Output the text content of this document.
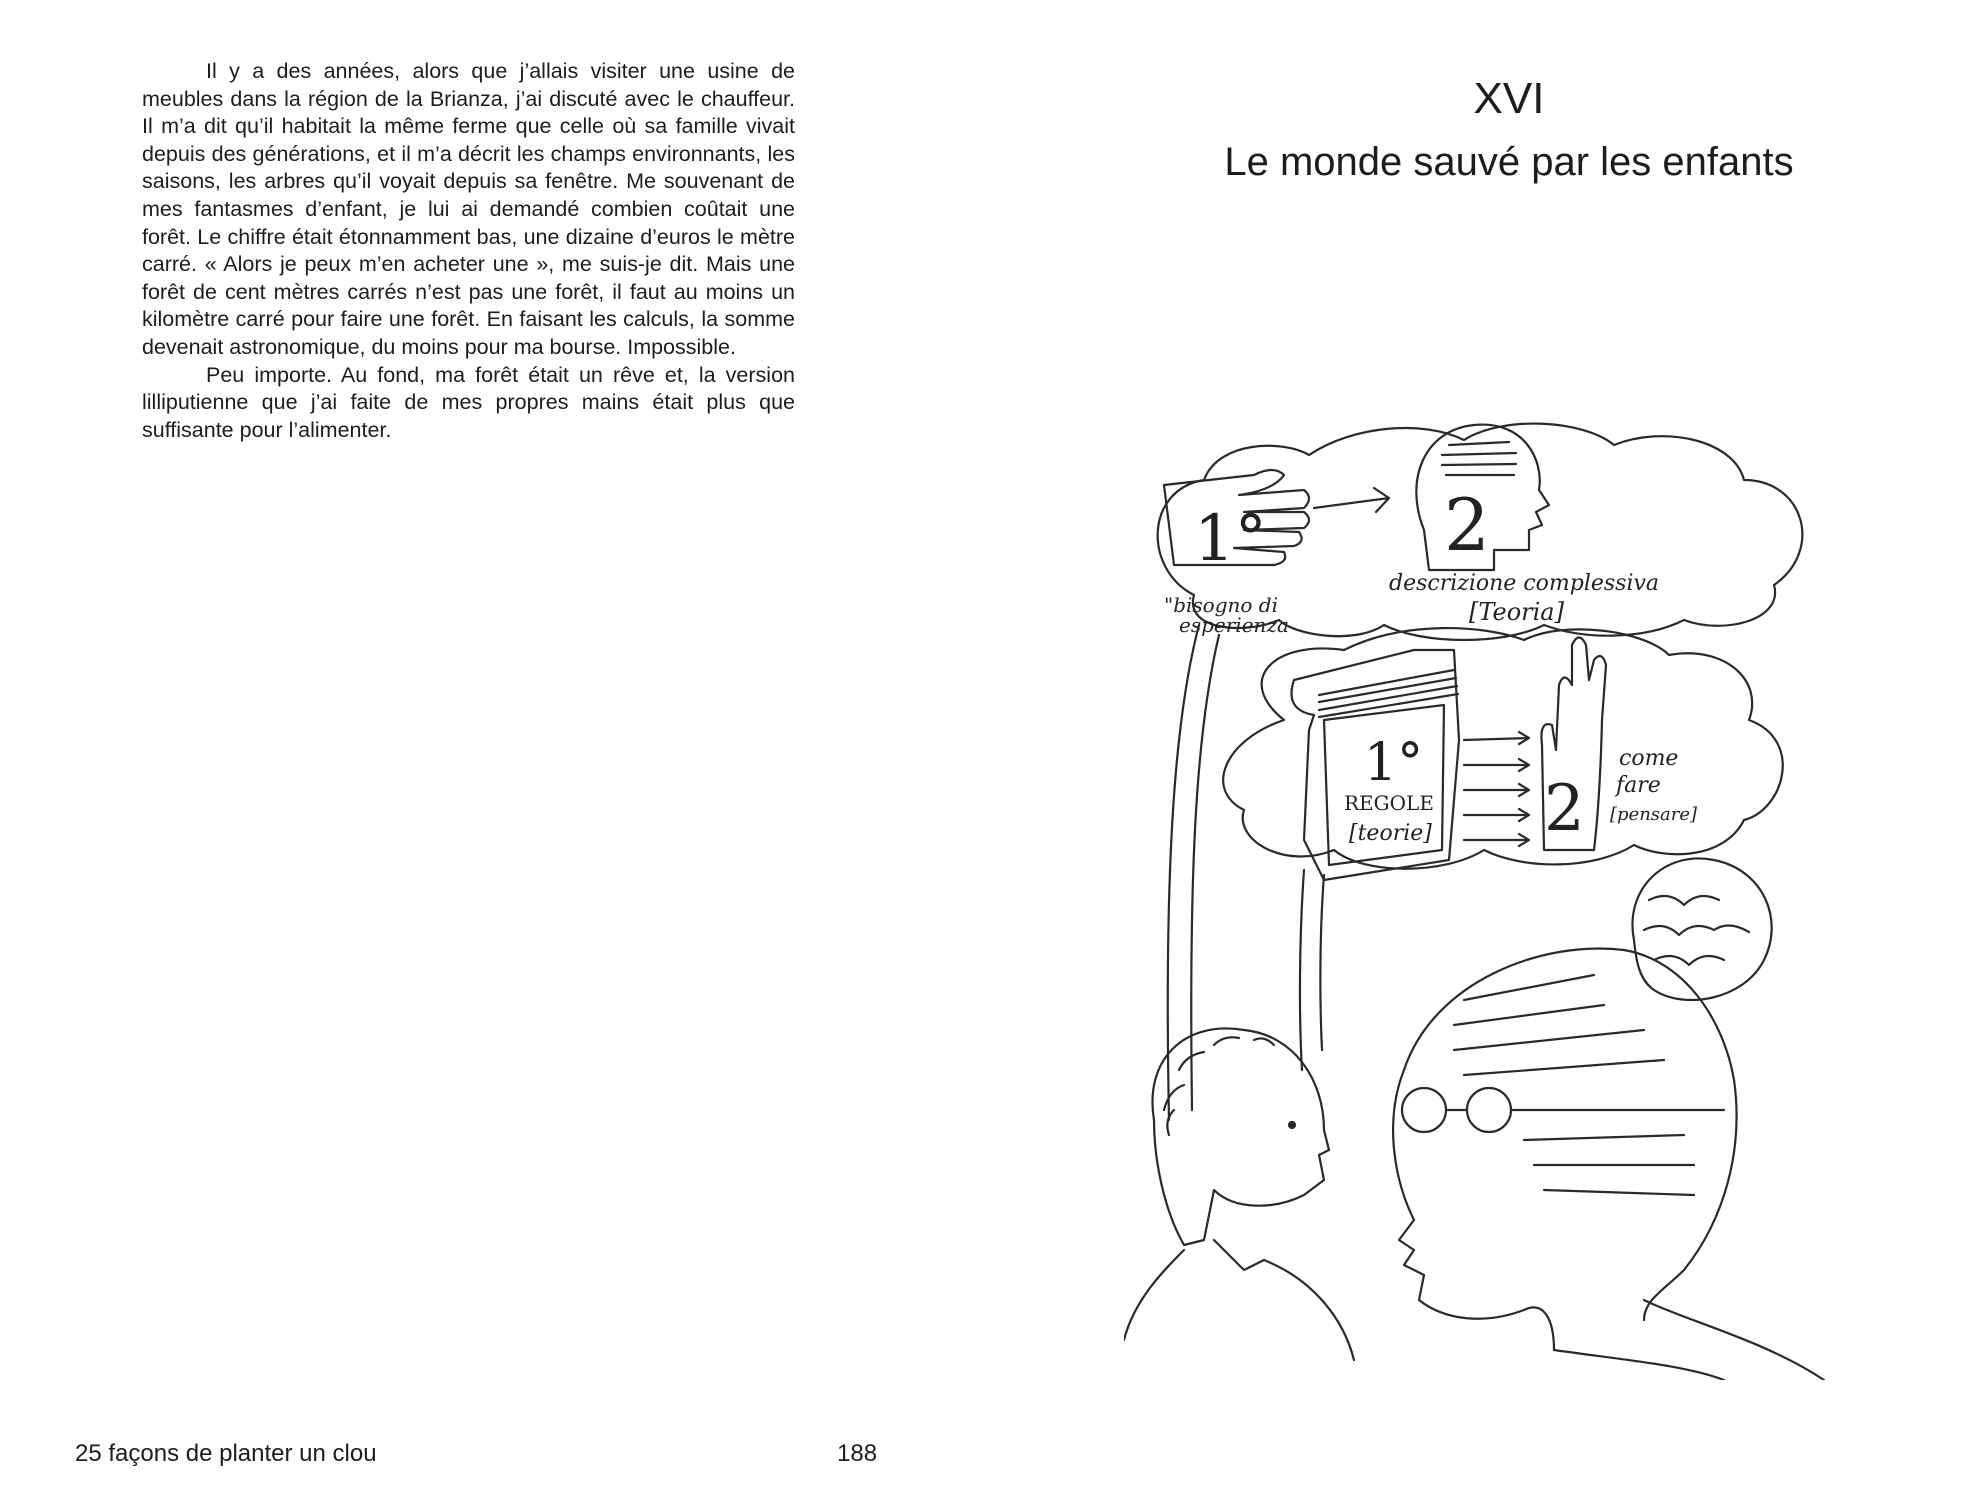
Il y a des années, alors que j’allais visiter une usine de meubles dans la région de la Brianza, j’ai discuté avec le chauffeur. Il m’a dit qu’il habitait la même ferme que celle où sa famille vivait depuis des générations, et il m’a décrit les champs environnants, les saisons, les arbres qu’il voyait depuis sa fenêtre. Me souvenant de mes fantasmes d’enfant, je lui ai demandé combien coûtait une forêt. Le chiffre était étonnamment bas, une dizaine d’euros le mètre carré. « Alors je peux m’en acheter une », me suis-je dit. Mais une forêt de cent mètres carrés n’est pas une forêt, il faut au moins un kilomètre carré pour faire une forêt. En faisant les calculs, la somme devenait astronomique, du moins pour ma bourse. Impossible.

Peu importe. Au fond, ma forêt était un rêve et, la version lilliputienne que j’ai faite de mes propres mains était plus que suffisante pour l’alimenter.

25 façons de planter un clou	188
XVI
Le monde sauvé par les enfants
1° 2
"bisogno di
esperienza
descrizione complessiva
[Teoria]
1°
REGOLE
[teorie] 2
come
fare
[pensare]
